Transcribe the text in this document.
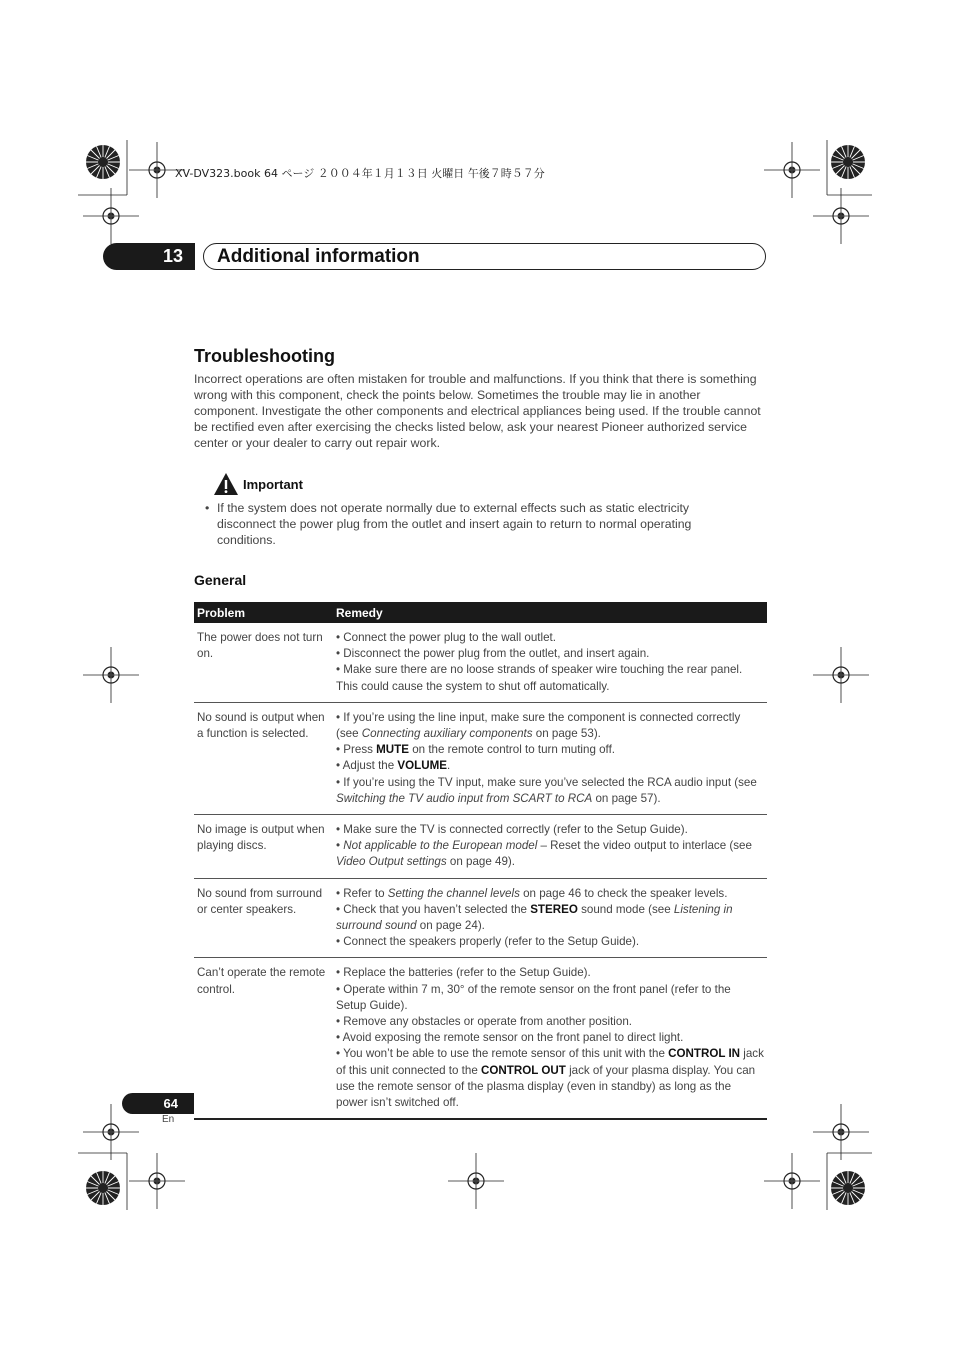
XV-DV323.book 64 ページ ２００４年１月１３日 火曜日 午後７時５７分
13	Additional information
Troubleshooting
Incorrect operations are often mistaken for trouble and malfunctions. If you think that there is something wrong with this component, check the points below. Sometimes the trouble may lie in another component. Investigate the other components and electrical appliances being used. If the trouble cannot be rectified even after exercising the checks listed below, ask your nearest Pioneer authorized service center or your dealer to carry out repair work.
Important
• If the system does not operate normally due to external effects such as static electricity disconnect the power plug from the outlet and insert again to return to normal operating conditions.
General
Problem	Remedy
The power does not turn on.	• Connect the power plug to the wall outlet.
• Disconnect the power plug from the outlet, and insert again.
• Make sure there are no loose strands of speaker wire touching the rear panel. This could cause the system to shut off automatically.

No sound is output when a function is selected.	• If you’re using the line input, make sure the component is connected correctly (see Connecting auxiliary components on page 53).
• Press MUTE on the remote control to turn muting off.
• Adjust the VOLUME.
• If you’re using the TV input, make sure you’ve selected the RCA audio input (see Switching the TV audio input from SCART to RCA on page 57).

No image is output when playing discs.	• Make sure the TV is connected correctly (refer to the Setup Guide).
• Not applicable to the European model – Reset the video output to interlace (see Video Output settings on page 49).

No sound from surround or center speakers.	• Refer to Setting the channel levels on page 46 to check the speaker levels.
• Check that you haven’t selected the STEREO sound mode (see Listening in surround sound on page 24).
• Connect the speakers properly (refer to the Setup Guide).

Can’t operate the remote control.	• Replace the batteries (refer to the Setup Guide).
• Operate within 7 m, 30° of the remote sensor on the front panel (refer to the Setup Guide).
• Remove any obstacles or operate from another position.
• Avoid exposing the remote sensor on the front panel to direct light.
• You won’t be able to use the remote sensor of this unit with the CONTROL IN jack of this unit connected to the CONTROL OUT jack of your plasma display. You can use the remote sensor of the plasma display (even in standby) as long as the power isn’t switched off.
64
En
